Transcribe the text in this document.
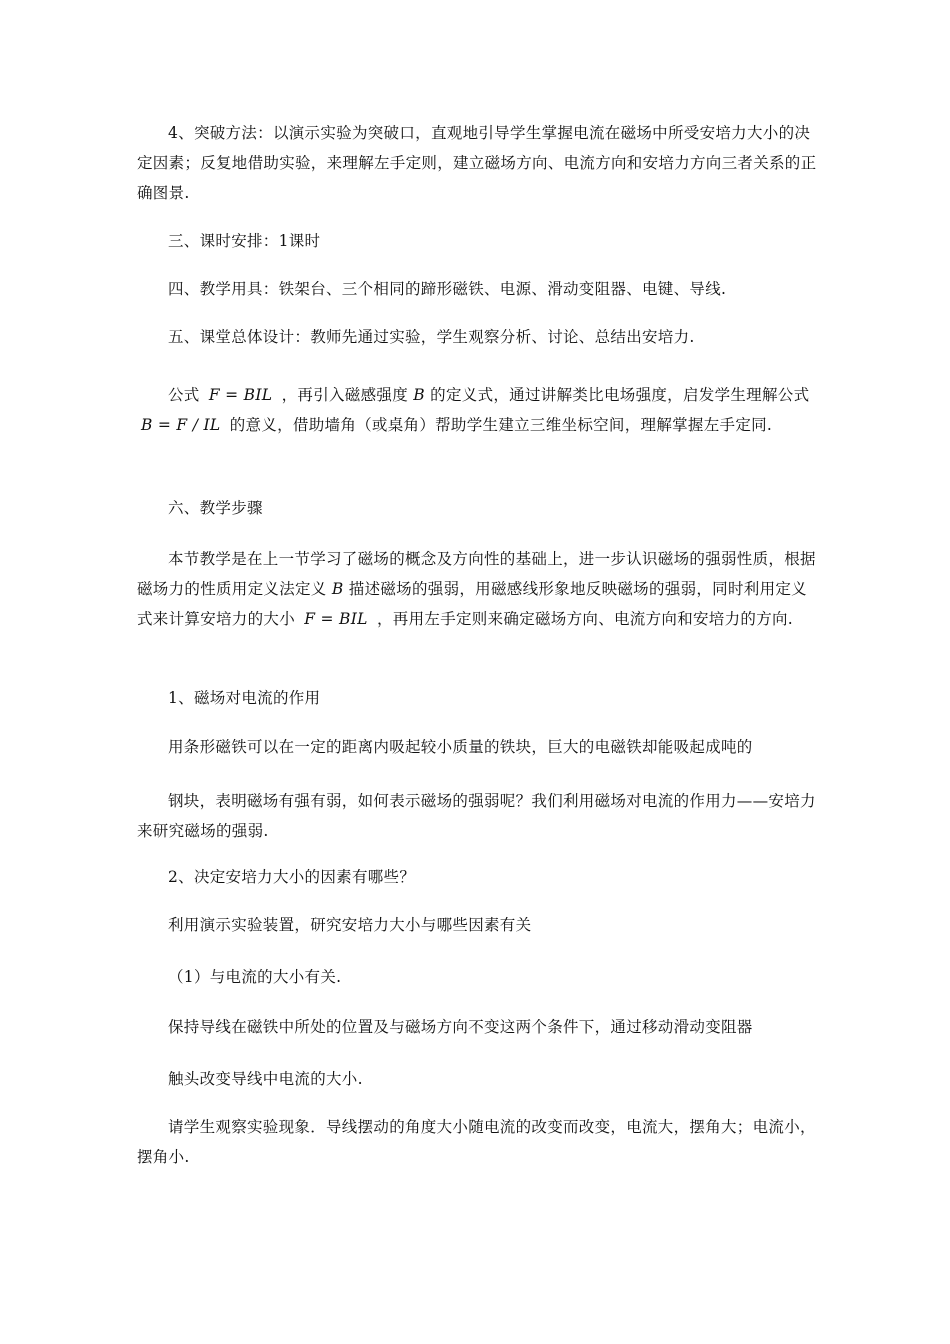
4、突破方法：以演示实验为突破口，直观地引导学生掌握电流在磁场中所受安培力大小的决定因素；反复地借助实验，来理解左手定则，建立磁场方向、电流方向和安培力方向三者关系的正确图景.

三、课时安排：1课时

四、教学用具：铁架台、三个相同的蹄形磁铁、电源、滑动变阻器、电键、导线.

五、课堂总体设计：教师先通过实验，学生观察分析、讨论、总结出安培力.

公式 F = BIL ，再引入磁感强度 B 的定义式，通过讲解类比电场强度，启发学生理解公式 B = F / IL 的意义，借助墙角（或桌角）帮助学生建立三维坐标空间，理解掌握左手定同.

六、教学步骤

本节教学是在上一节学习了磁场的概念及方向性的基础上，进一步认识磁场的强弱性质，根据磁场力的性质用定义法定义 B 描述磁场的强弱，用磁感线形象地反映磁场的强弱，同时利用定义式来计算安培力的大小 F = BIL ，再用左手定则来确定磁场方向、电流方向和安培力的方向.

1、磁场对电流的作用

用条形磁铁可以在一定的距离内吸起较小质量的铁块，巨大的电磁铁却能吸起成吨的

钢块，表明磁场有强有弱，如何表示磁场的强弱呢？我们利用磁场对电流的作用力——安培力来研究磁场的强弱.

2、决定安培力大小的因素有哪些？

利用演示实验装置，研究安培力大小与哪些因素有关

（1）与电流的大小有关.

保持导线在磁铁中所处的位置及与磁场方向不变这两个条件下，通过移动滑动变阻器

触头改变导线中电流的大小.

请学生观察实验现象．导线摆动的角度大小随电流的改变而改变，电流大，摆角大；电流小，摆角小.
